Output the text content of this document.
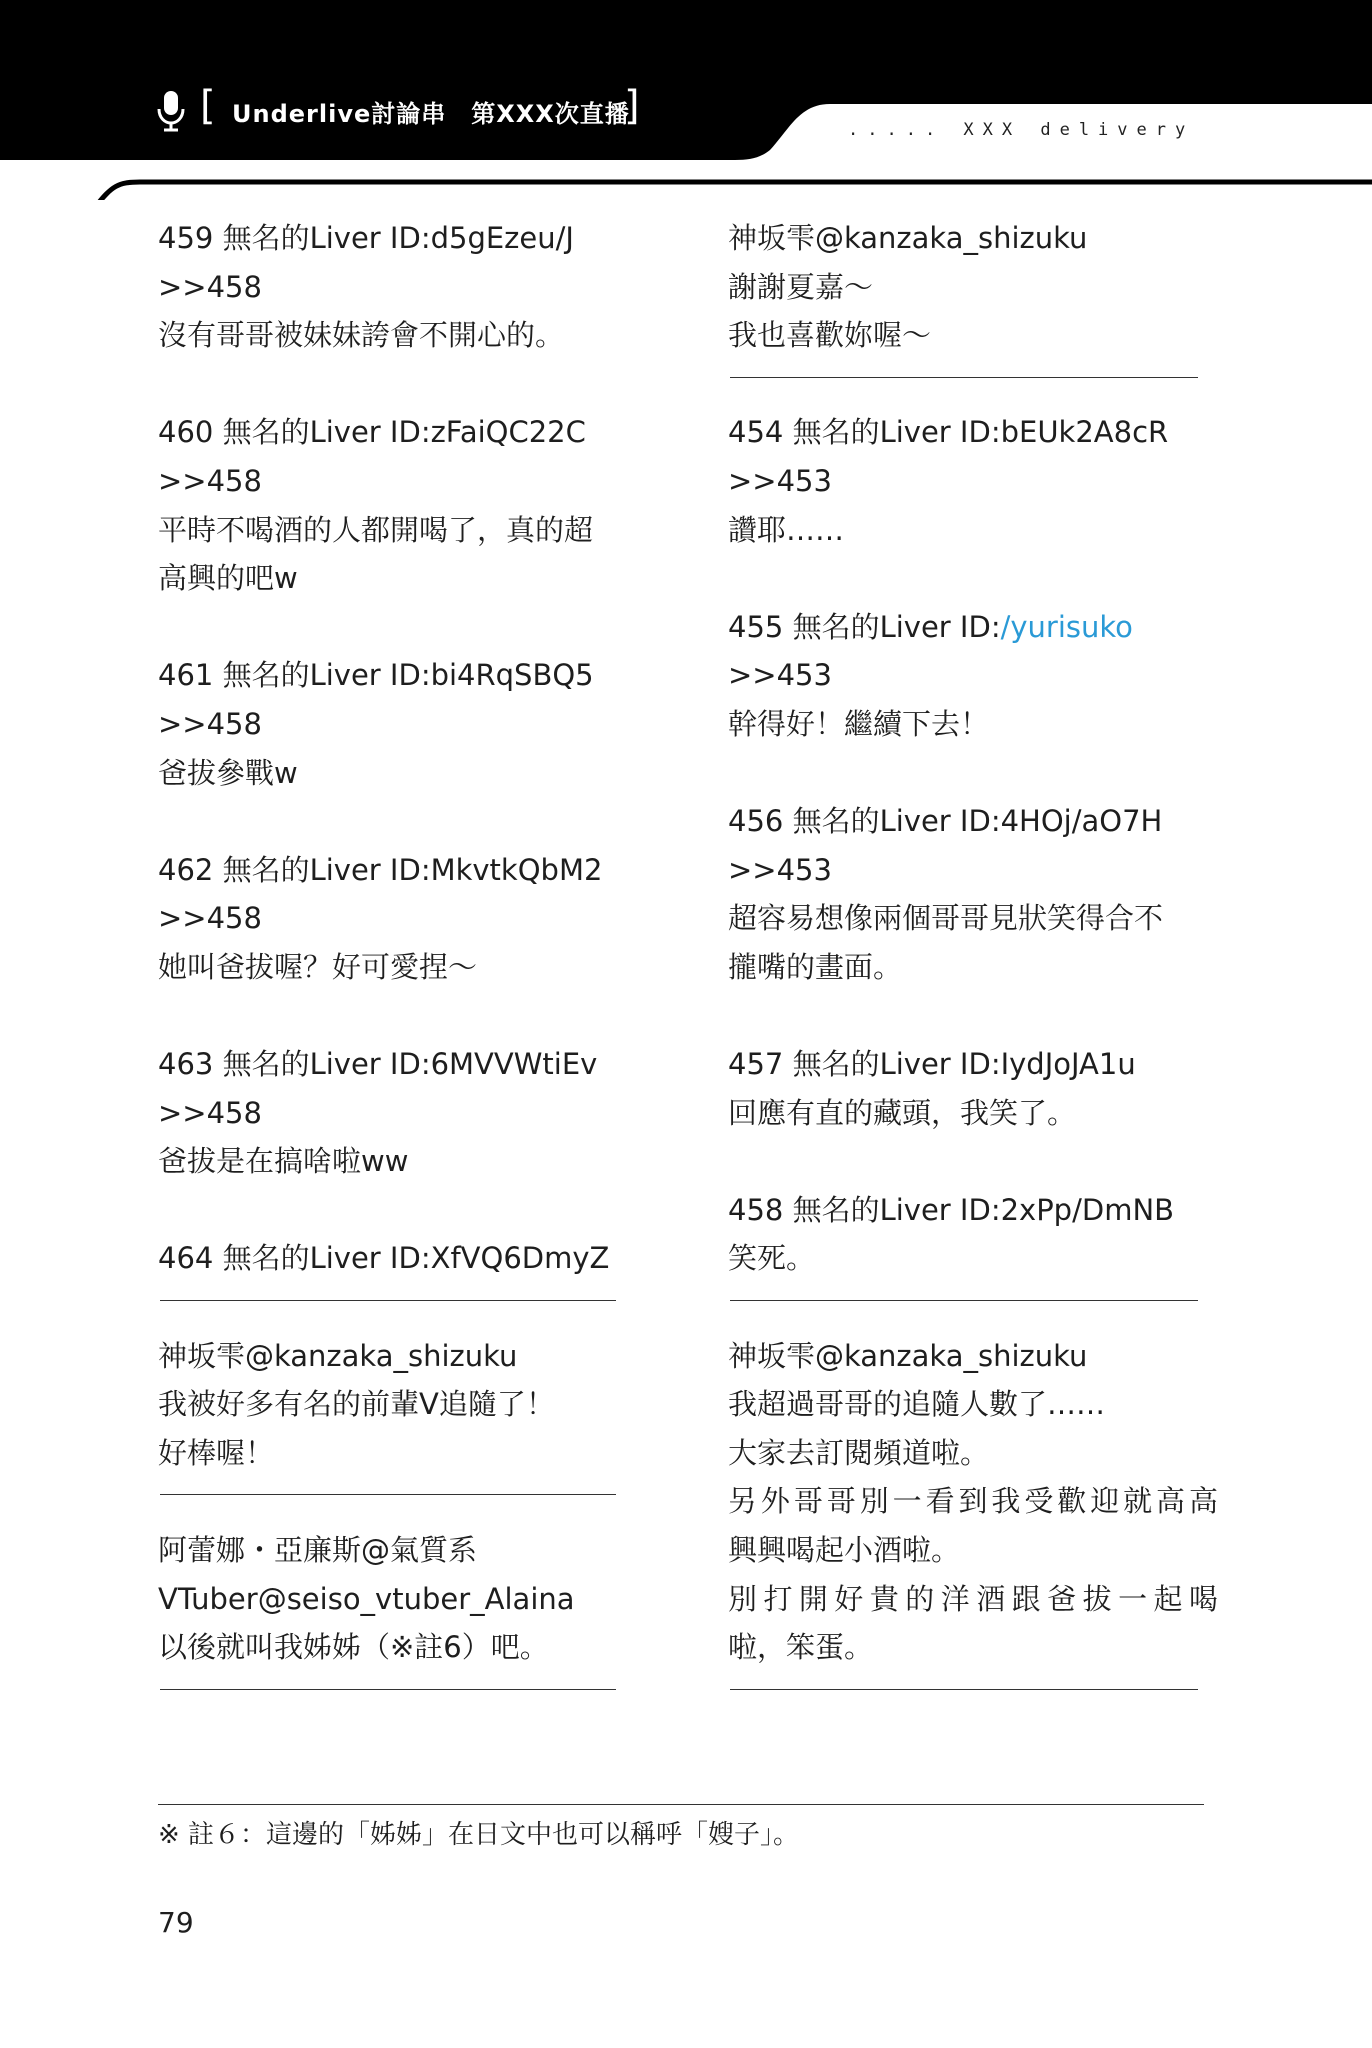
[ Underlive討論串　第XXX次直播
]
..... XXX delivery
459 無名的Liver ID:d5gEzeu/J
>>458
沒有哥哥被妹妹誇會不開心的。
460 無名的Liver ID:zFaiQC22C
>>458
平時不喝酒的人都開喝了，真的超
高興的吧w
461 無名的Liver ID:bi4RqSBQ5
>>458
爸拔參戰w
462 無名的Liver ID:MkvtkQbM2
>>458
她叫爸拔喔？好可愛捏～
463 無名的Liver ID:6MVVWtiEv
>>458
爸拔是在搞啥啦ww
464 無名的Liver ID:XfVQ6DmyZ
神坂雫@kanzaka_shizuku
我被好多有名的前輩V追隨了！
好棒喔！
阿蕾娜・亞廉斯@氣質系
VTuber@seiso_vtuber_Alaina
以後就叫我姊姊（※註6）吧。
神坂雫@kanzaka_shizuku
謝謝夏嘉～
我也喜歡妳喔～
454 無名的Liver ID:bEUk2A8cR
>>453
讚耶……
455 無名的Liver ID:/yurisuko
>>453
幹得好！繼續下去！
456 無名的Liver ID:4HOj/aO7H
>>453
超容易想像兩個哥哥見狀笑得合不
攏嘴的畫面。
457 無名的Liver ID:IydJoJA1u
回應有直的藏頭，我笑了。
458 無名的Liver ID:2xPp/DmNB
笑死。
神坂雫@kanzaka_shizuku
我超過哥哥的追隨人數了……
大家去訂閱頻道啦。
另外哥哥別一看到我受歡迎就高高
興興喝起小酒啦。
別打開好貴的洋酒跟爸拔一起喝
啦，笨蛋。
※ 註６：這邊的「姊姊」在日文中也可以稱呼「嫂子」。
79
